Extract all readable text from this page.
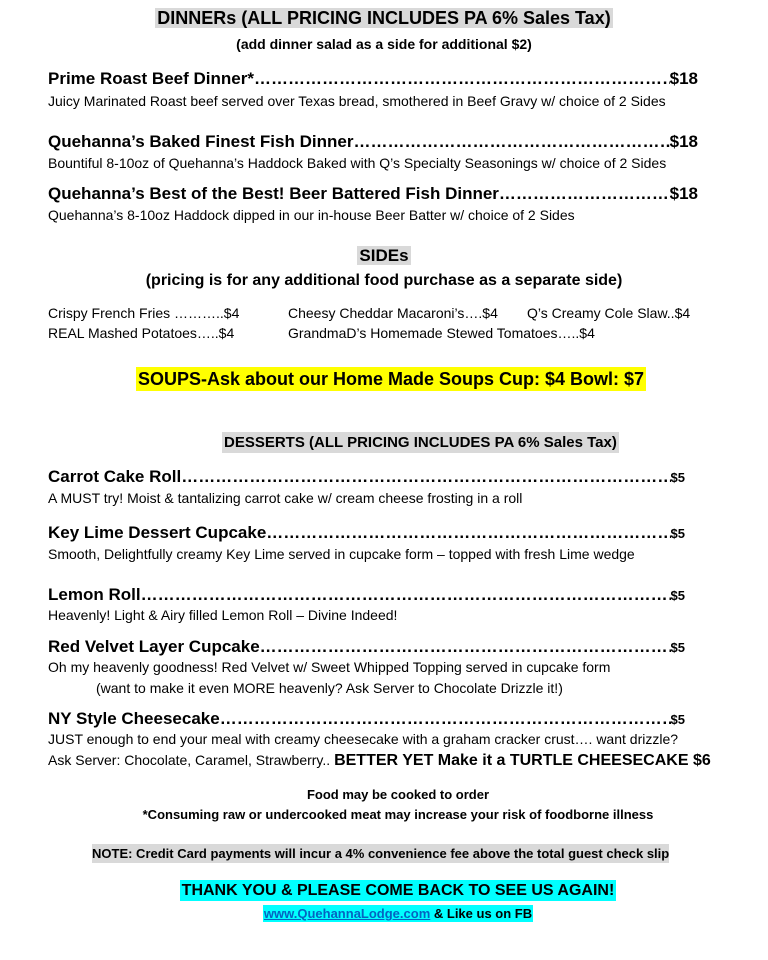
DINNERs (ALL PRICING INCLUDES PA 6% Sales Tax)
(add dinner salad as a side for additional $2)
Prime Roast Beef Dinner* ………………………………………………………………………………………………………………………………………………………………………………………	$18
Juicy Marinated Roast beef served over Texas bread, smothered in Beef Gravy w/ choice of 2 Sides
Quehanna’s Baked Finest Fish Dinner ………………………………………………………………………………………………………………………………………………………………………………………	$18
Bountiful 8-10oz of Quehanna’s Haddock Baked with Q’s Specialty Seasonings w/ choice of 2 Sides
Quehanna’s Best of the Best! Beer Battered Fish Dinner ………………………………………………………………………………………………………………………………………………………………………………………	$18
Quehanna’s 8-10oz Haddock dipped in our in-house Beer Batter w/ choice of 2 Sides
SIDEs
(pricing is for any additional food purchase as a separate side)
Crispy French Fries ………..$4	Cheesy Cheddar Macaroni’s….$4 Q’s Creamy Cole Slaw..$4
REAL Mashed Potatoes…..$4	GrandmaD’s Homemade Stewed Tomatoes…..$4
SOUPS-Ask about our Home Made Soups Cup: $4 Bowl: $7
DESSERTS (ALL PRICING INCLUDES PA 6% Sales Tax)
Carrot Cake Roll ………………………………………………………………………………………………………………………………………………………………………………………	$5
A MUST try! Moist & tantalizing carrot cake w/ cream cheese frosting in a roll
Key Lime Dessert Cupcake ………………………………………………………………………………………………………………………………………………………………………………………	$5
Smooth, Delightfully creamy Key Lime served in cupcake form – topped with fresh Lime wedge
Lemon Roll ………………………………………………………………………………………………………………………………………………………………………………………	$5
Heavenly! Light & Airy filled Lemon Roll – Divine Indeed!
Red Velvet Layer Cupcake ………………………………………………………………………………………………………………………………………………………………………………………	$5
Oh my heavenly goodness! Red Velvet w/ Sweet Whipped Topping served in cupcake form
(want to make it even MORE heavenly? Ask Server to Chocolate Drizzle it!)
NY Style Cheesecake ………………………………………………………………………………………………………………………………………………………………………………………	$5
JUST enough to end your meal with creamy cheesecake with a graham cracker crust…. want drizzle?
Ask Server: Chocolate, Caramel, Strawberry.. BETTER YET Make it a TURTLE CHEESECAKE $6
Food may be cooked to order
*Consuming raw or undercooked meat may increase your risk of foodborne illness
NOTE: Credit Card payments will incur a 4% convenience fee above the total guest check slip
THANK YOU & PLEASE COME BACK TO SEE US AGAIN!
www.QuehannaLodge.com & Like us on FB
